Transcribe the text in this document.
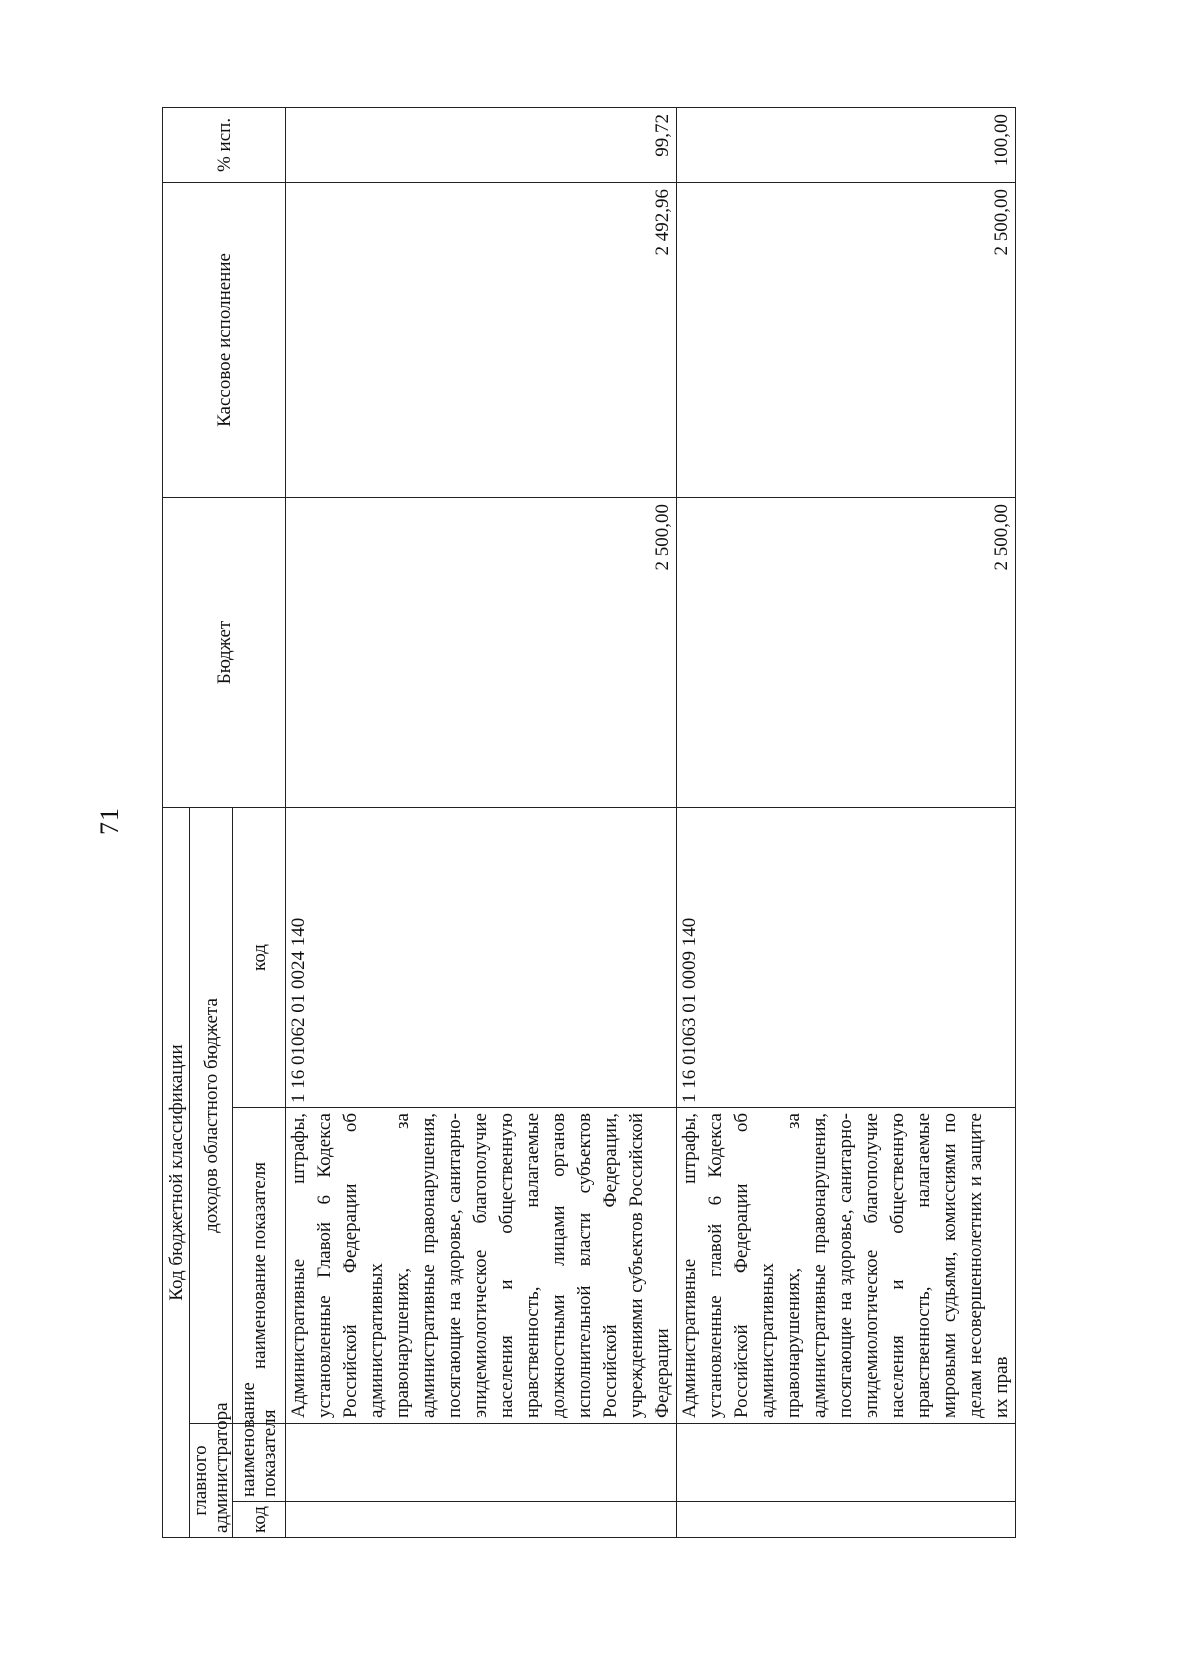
71
Код бюджетной классификации				Бюджет	Кассовое исполнение	% исп.
главного администратора		доходов областного бюджета				
код	наименование показателя	наименование показателя	код			
		Административные штрафы, установленные Главой 6 Кодекса Российской Федерации об административных правонарушениях, за административные правонарушения, посягающие на здоровье, санитарно-эпидемиологическое благополучие населения и общественную нравственность, налагаемые должностными лицами органов исполнительной власти субъектов Российской Федерации, учреждениями субъектов Российской Федерации	1 16 01062 01 0024 140	2 500,00	2 492,96	99,72
		Административные штрафы, установленные главой 6 Кодекса Российской Федерации об административных правонарушениях, за административные правонарушения, посягающие на здоровье, санитарно-эпидемиологическое благополучие населения и общественную нравственность, налагаемые мировыми судьями, комиссиями по делам несовершеннолетних и защите их прав	1 16 01063 01 0009 140	2 500,00	2 500,00	100,00
